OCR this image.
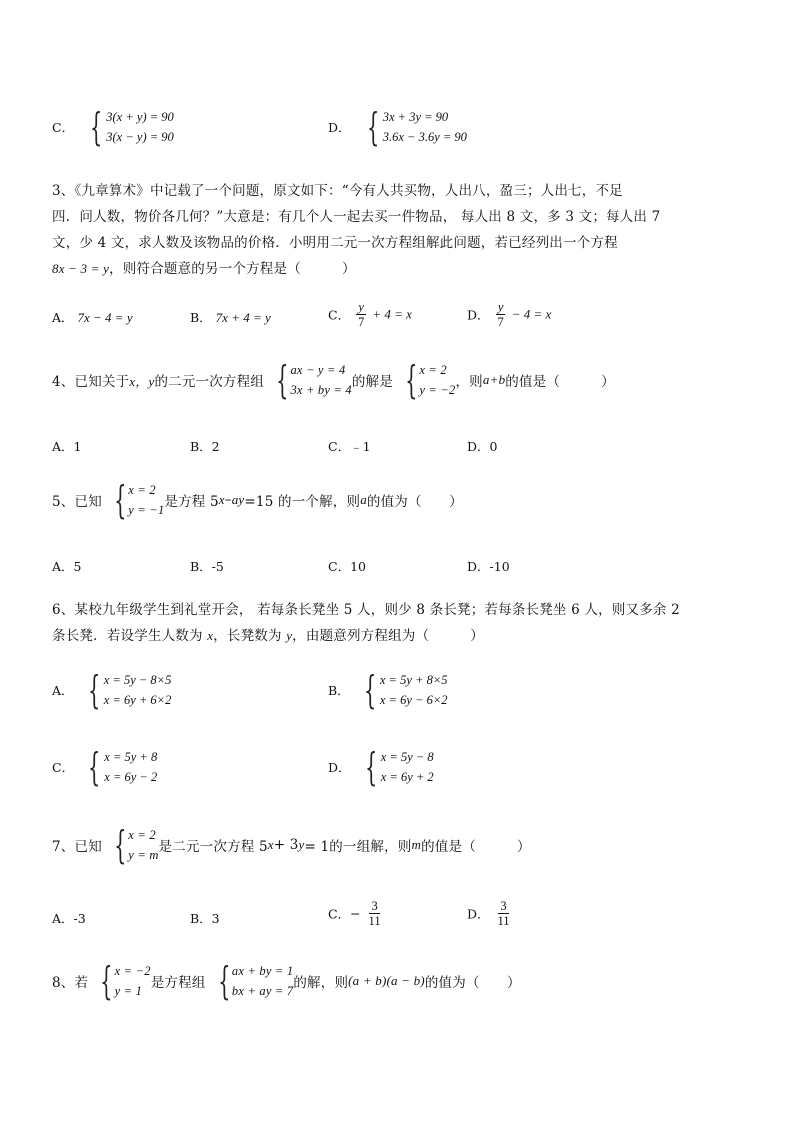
C． { 3(x + y) = 90
3(x − y) = 90
D． { 3x + 3y = 90
3.6x − 3.6y = 90
3、《九章算术》中记载了一个问题，原文如下：“今有人共买物，人出八，盈三；人出七，不足
四．问人数，物价各几何？”大意是：有几个人一起去买一件物品， 每人出 8 文，多 3 文；每人出 7
文，少 4 文，求人数及该物品的价格．小明用二元一次方程组解此问题，若已经列出一个方程
8x − 3 = y，则符合题意的另一个方程是（　　　）
A． 7x − 4 = y	B． 7x + 4 = y	C． $\frac{y}{7} + 4 = x$	D． $\frac{y}{7} - 4 = x$
4、已知关于 x，y 的二元一次方程组 { ax − y = 4
3x + by = 4 的解是 { x = 2
y = −2 ，则 a+b 的值是（　　　）
A．1	B．2	C．﹣1	D．0
5、已知 { x = 2
y = −1 是方程 5 x – ay =15 的一个解，则 a 的值为（　　）
A．5	B．-5	C．10	D．-10
6、某校九年级学生到礼堂开会， 若每条长凳坐 5 人，则少 8 条长凳；若每条长凳坐 6 人，则又多余 2
条长凳．若设学生人数为 x，长凳数为 y，由题意列方程组为（　　　）
A． { x = 5y − 8×5
x = 6y + 6×2
B． { x = 5y + 8×5
x = 6y − 6×2
C． { x = 5y + 8
x = 6y − 2
D． { x = 5y − 8
x = 6y + 2
7、已知 { x = 2
y = m 是二元一次方程 5 x + 3 y = 1的一组解，则 m 的值是（　　　）
A．-3	B．3	C．− $\frac{3}{11}$	D． $\frac{3}{11}$
8、若 { x = −2
y = 1 是方程组 { ax + by = 1
bx + ay = 7 的解，则 (a + b)(a − b) 的值为（　　）
